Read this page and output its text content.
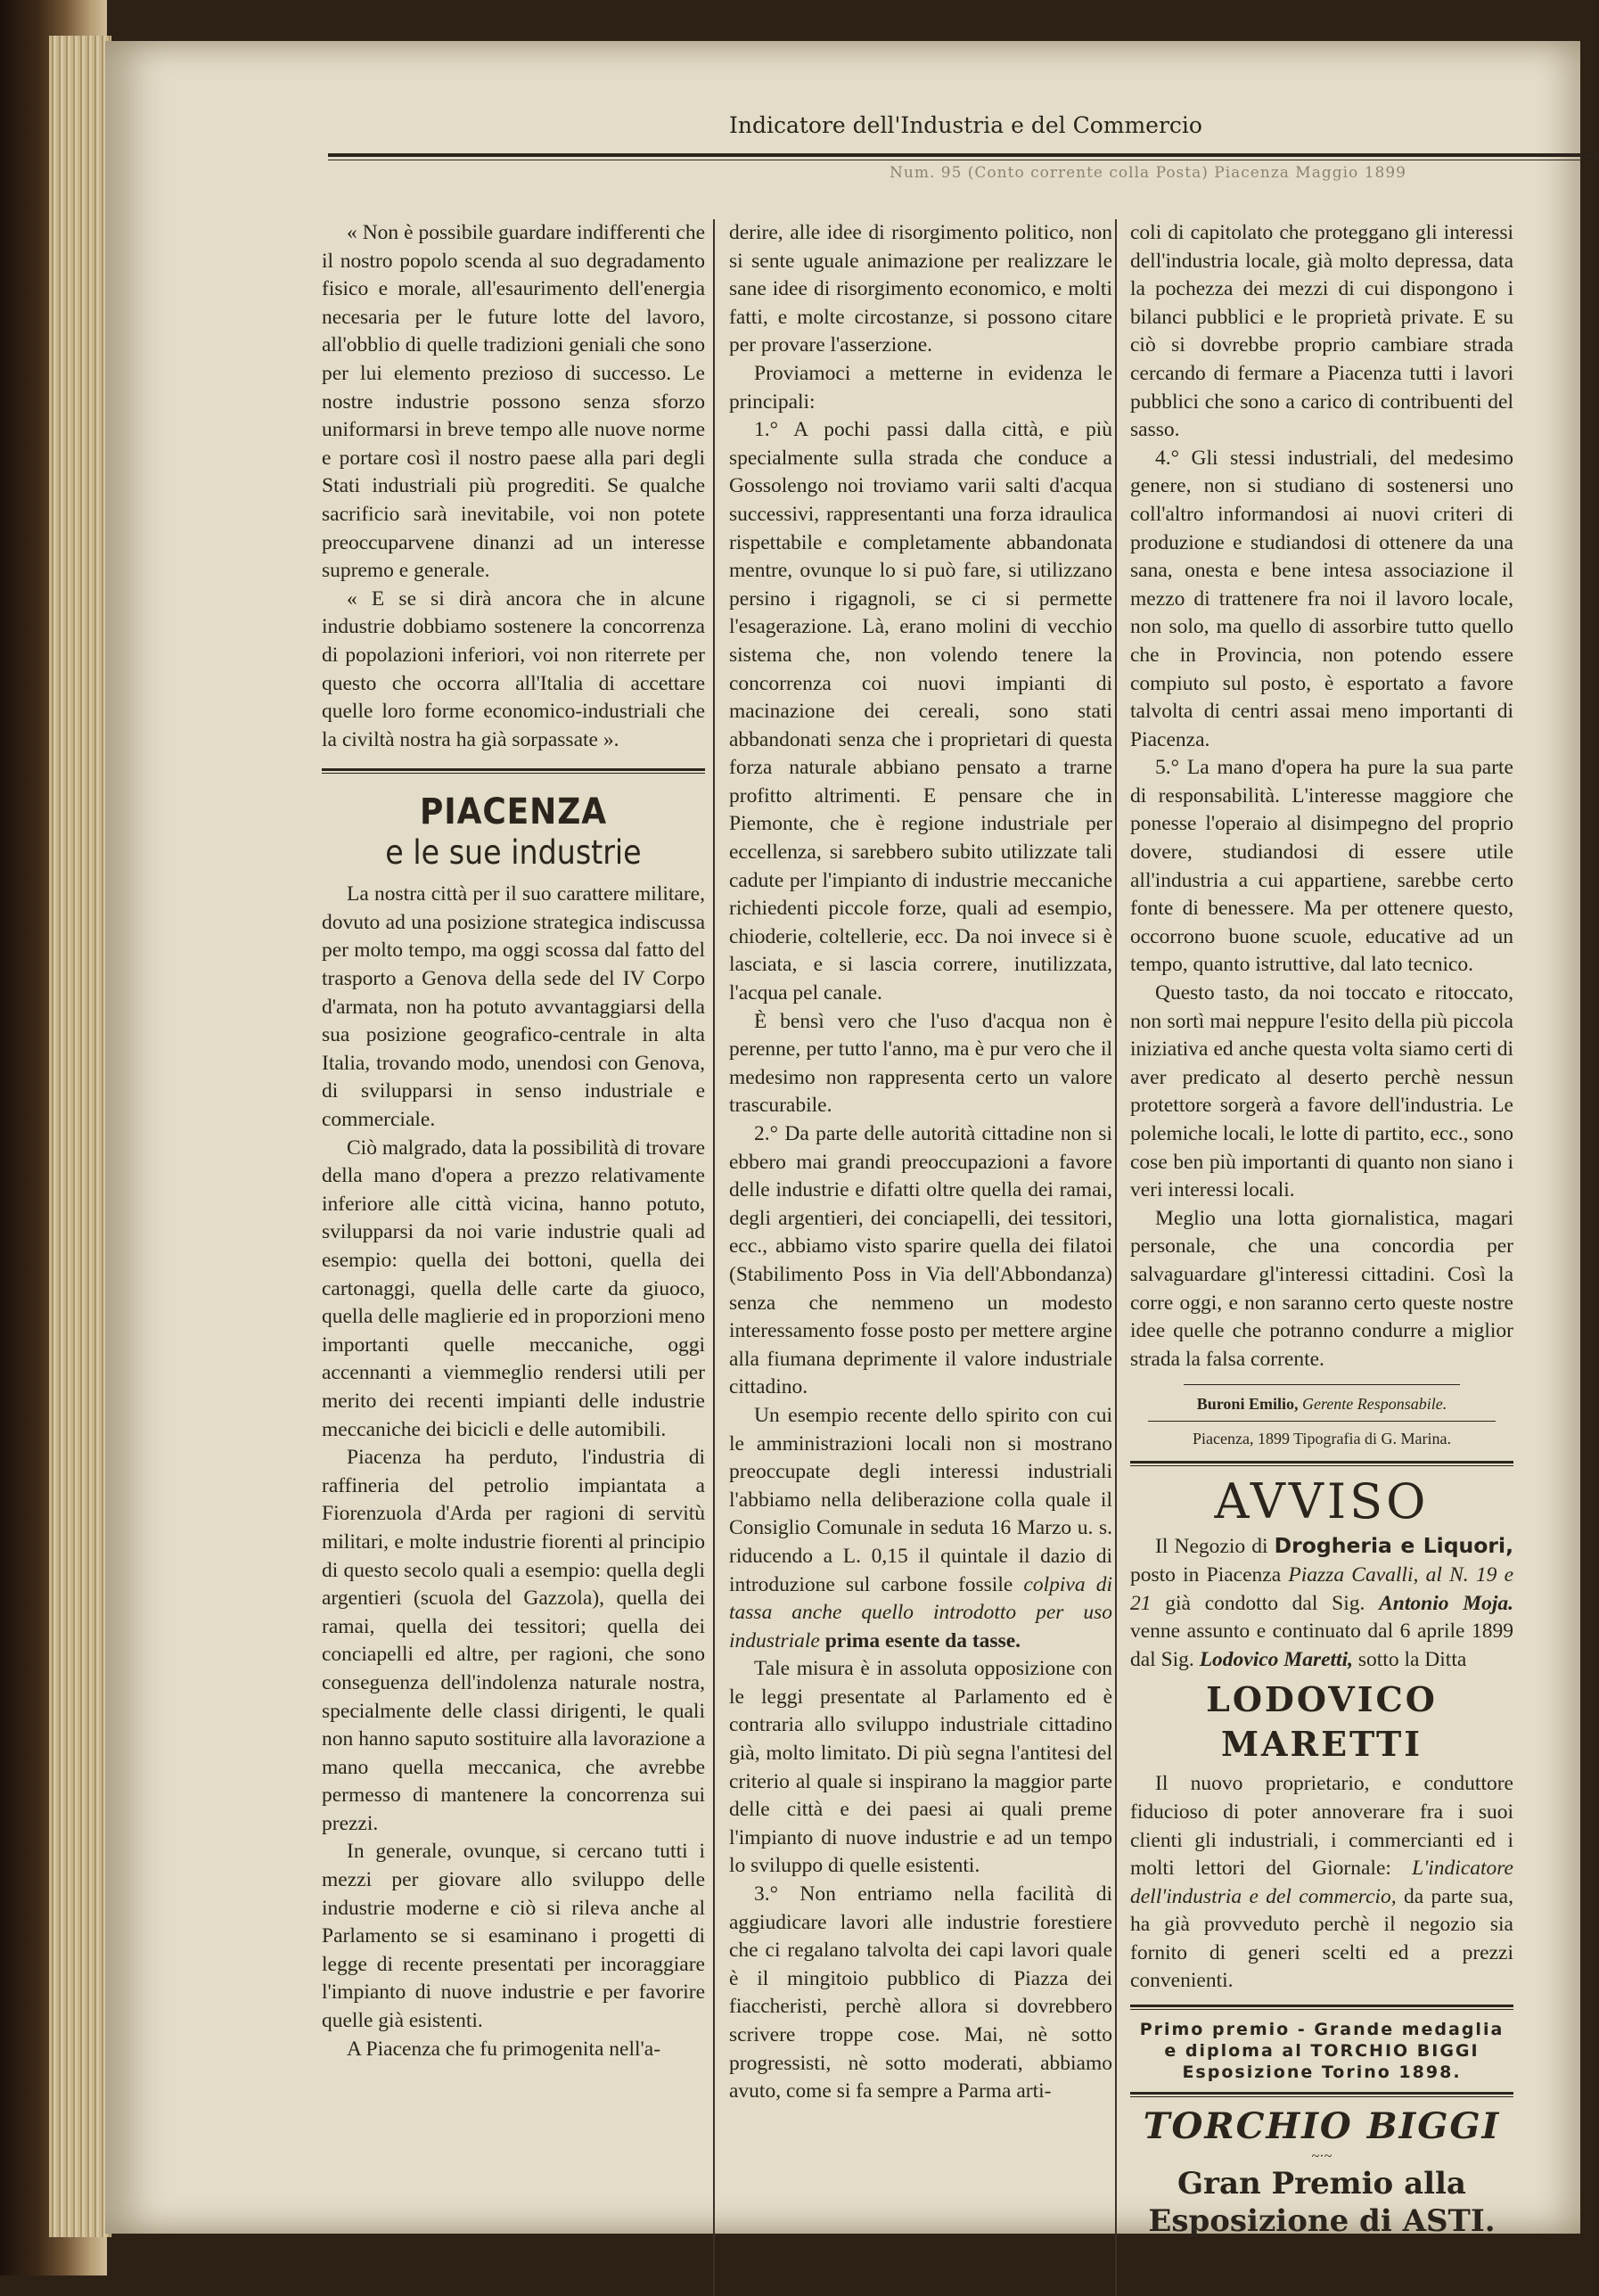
Indicatore dell'Industria e del Commercio
Num. 95 (Conto corrente colla Posta) Piacenza Maggio 1899

« Non è possibile guardare indifferenti che il nostro popolo scenda al suo degradamento fisico e morale, all'esaurimento dell'energia necesaria per le future lotte del lavoro, all'obblio di quelle tradizioni geniali che sono per lui elemento prezioso di successo. Le nostre industrie possono senza sforzo uniformarsi in breve tempo alle nuove norme e portare così il nostro paese alla pari degli Stati industriali più progrediti. Se qualche sacrificio sarà inevitabile, voi non potete preoccuparvene dinanzi ad un interesse supremo e generale.

« E se si dirà ancora che in alcune industrie dobbiamo sostenere la concorrenza di popolazioni inferiori, voi non riterrete per questo che occorra all'Italia di accettare quelle loro forme economico-industriali che la civiltà nostra ha già sorpassate ».

PIACENZA
e le sue industrie

La nostra città per il suo carattere militare, dovuto ad una posizione strategica indiscussa per molto tempo, ma oggi scossa dal fatto del trasporto a Genova della sede del IV Corpo d'armata, non ha potuto avvantaggiarsi della sua posizione geografico-centrale in alta Italia, trovando modo, unendosi con Genova, di svilupparsi in senso industriale e commerciale.

Ciò malgrado, data la possibilità di trovare della mano d'opera a prezzo relativamente inferiore alle città vicina, hanno potuto, svilupparsi da noi varie industrie quali ad esempio: quella dei bottoni, quella dei cartonaggi, quella delle carte da giuoco, quella delle maglierie ed in proporzioni meno importanti quelle meccaniche, oggi accennanti a viemmeglio rendersi utili per merito dei recenti impianti delle industrie meccaniche dei bicicli e delle automibili.

Piacenza ha perduto, l'industria di raffineria del petrolio impiantata a Fiorenzuola d'Arda per ragioni di servitù militari, e molte industrie fiorenti al principio di questo secolo quali a esempio: quella degli argentieri (scuola del Gazzola), quella dei ramai, quella dei tessitori; quella dei conciapelli ed altre, per ragioni, che sono conseguenza dell'indolenza naturale nostra, specialmente delle classi dirigenti, le quali non hanno saputo sostituire alla lavorazione a mano quella meccanica, che avrebbe permesso di mantenere la concorrenza sui prezzi.

In generale, ovunque, si cercano tutti i mezzi per giovare allo sviluppo delle industrie moderne e ciò si rileva anche al Parlamento se si esaminano i progetti di legge di recente presentati per incoraggiare l'impianto di nuove industrie e per favorire quelle già esistenti.

A Piacenza che fu primogenita nell'a-

derire, alle idee di risorgimento politico, non si sente uguale animazione per realizzare le sane idee di risorgimento economico, e molti fatti, e molte circostanze, si possono citare per provare l'asserzione.

Proviamoci a metterne in evidenza le principali:

1.° A pochi passi dalla città, e più specialmente sulla strada che conduce a Gossolengo noi troviamo varii salti d'acqua successivi, rappresentanti una forza idraulica rispettabile e completamente abbandonata mentre, ovunque lo si può fare, si utilizzano persino i rigagnoli, se ci si permette l'esagerazione. Là, erano molini di vecchio sistema che, non volendo tenere la concorrenza coi nuovi impianti di macinazione dei cereali, sono stati abbandonati senza che i proprietari di questa forza naturale abbiano pensato a trarne profitto altrimenti. E pensare che in Piemonte, che è regione industriale per eccellenza, si sarebbero subito utilizzate tali cadute per l'impianto di industrie meccaniche richiedenti piccole forze, quali ad esempio, chioderie, coltellerie, ecc. Da noi invece si è lasciata, e si lascia correre, inutilizzata, l'acqua pel canale.

È bensì vero che l'uso d'acqua non è perenne, per tutto l'anno, ma è pur vero che il medesimo non rappresenta certo un valore trascurabile.

2.° Da parte delle autorità cittadine non si ebbero mai grandi preoccupazioni a favore delle industrie e difatti oltre quella dei ramai, degli argentieri, dei conciapelli, dei tessitori, ecc., abbiamo visto sparire quella dei filatoi (Stabilimento Poss in Via dell'Abbondanza) senza che nemmeno un modesto interessamento fosse posto per mettere argine alla fiumana deprimente il valore industriale cittadino.

Un esempio recente dello spirito con cui le amministrazioni locali non si mostrano preoccupate degli interessi industriali l'abbiamo nella deliberazione colla quale il Consiglio Comunale in seduta 16 Marzo u. s. riducendo a L. 0,15 il quintale il dazio di introduzione sul carbone fossile colpiva di tassa anche quello introdotto per uso industriale prima esente da tasse.

Tale misura è in assoluta opposizione con le leggi presentate al Parlamento ed è contraria allo sviluppo industriale cittadino già, molto limitato. Di più segna l'antitesi del criterio al quale si inspirano la maggior parte delle città e dei paesi ai quali preme l'impianto di nuove industrie e ad un tempo lo sviluppo di quelle esistenti.

3.° Non entriamo nella facilità di aggiudicare lavori alle industrie forestiere che ci regalano talvolta dei capi lavori quale è il mingitoio pubblico di Piazza dei fiaccheristi, perchè allora si dovrebbero scrivere troppe cose. Mai, nè sotto progressisti, nè sotto moderati, abbiamo avuto, come si fa sempre a Parma arti-

coli di capitolato che proteggano gli interessi dell'industria locale, già molto depressa, data la pochezza dei mezzi di cui dispongono i bilanci pubblici e le proprietà private. E su ciò si dovrebbe proprio cambiare strada cercando di fermare a Piacenza tutti i lavori pubblici che sono a carico di contribuenti del sasso.

4.° Gli stessi industriali, del medesimo genere, non si studiano di sostenersi uno coll'altro informandosi ai nuovi criteri di produzione e studiandosi di ottenere da una sana, onesta e bene intesa associazione il mezzo di trattenere fra noi il lavoro locale, non solo, ma quello di assorbire tutto quello che in Provincia, non potendo essere compiuto sul posto, è esportato a favore talvolta di centri assai meno importanti di Piacenza.

5.° La mano d'opera ha pure la sua parte di responsabilità. L'interesse maggiore che ponesse l'operaio al disimpegno del proprio dovere, studiandosi di essere utile all'industria a cui appartiene, sarebbe certo fonte di benessere. Ma per ottenere questo, occorrono buone scuole, educative ad un tempo, quanto istruttive, dal lato tecnico.

Questo tasto, da noi toccato e ritoccato, non sortì mai neppure l'esito della più piccola iniziativa ed anche questa volta siamo certi di aver predicato al deserto perchè nessun protettore sorgerà a favore dell'industria. Le polemiche locali, le lotte di partito, ecc., sono cose ben più importanti di quanto non siano i veri interessi locali.

Meglio una lotta giornalistica, magari personale, che una concordia per salvaguardare gl'interessi cittadini. Così la corre oggi, e non saranno certo queste nostre idee quelle che potranno condurre a miglior strada la falsa corrente.

Buroni Emilio, Gerente Responsabile.

Piacenza, 1899 Tipografia di G. Marina.

AVVISO

Il Negozio di Drogheria e Liquori, posto in Piacenza Piazza Cavalli, al N. 19 e 21 già condotto dal Sig. Antonio Moja. venne assunto e continuato dal 6 aprile 1899 dal Sig. Lodovico Maretti, sotto la Ditta

LODOVICO MARETTI

Il nuovo proprietario, e conduttore fiducioso di poter annoverare fra i suoi clienti gli industriali, i commercianti ed i molti lettori del Giornale: L'indicatore dell'industria e del commercio, da parte sua, ha già provveduto perchè il negozio sia fornito di generi scelti ed a prezzi convenienti.

Primo premio - Grande medaglia
e diploma al TORCHIO BIGGI
Esposizione Torino 1898.
TORCHIO BIGGI
~·~
Gran Premio alla Esposizione di ASTI.
